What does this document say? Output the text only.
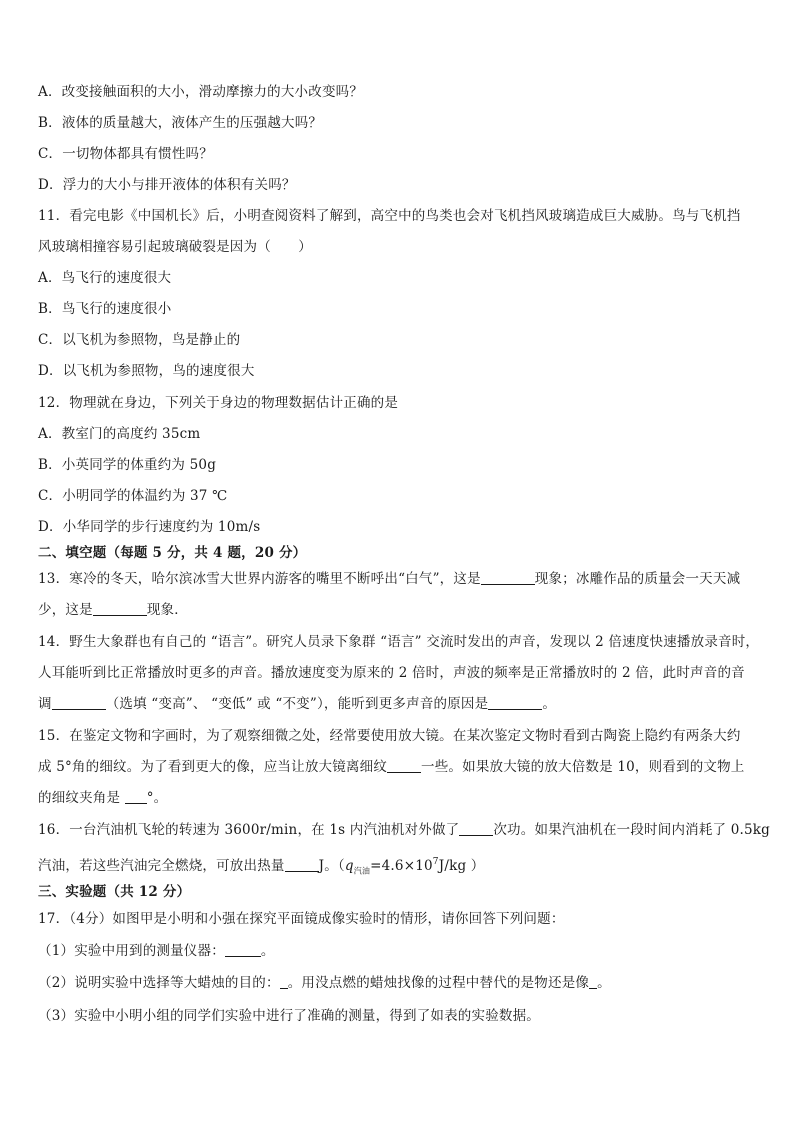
A．改变接触面积的大小，滑动摩擦力的大小改变吗？
B．液体的质量越大，液体产生的压强越大吗？
C．一切物体都具有惯性吗？
D．浮力的大小与排开液体的体积有关吗？
11．看完电影《中国机长》后，小明查阅资料了解到，高空中的鸟类也会对飞机挡风玻璃造成巨大威胁。鸟与飞机挡
风玻璃相撞容易引起玻璃破裂是因为（　　）
A．鸟飞行的速度很大
B．鸟飞行的速度很小
C．以飞机为参照物，鸟是静止的
D．以飞机为参照物，鸟的速度很大
12．物理就在身边，下列关于身边的物理数据估计正确的是
A．教室门的高度约 35cm
B．小英同学的体重约为 50g
C．小明同学的体温约为 37 ℃
D．小华同学的步行速度约为 10m/s
二、填空题（每题 5 分，共 4 题，20 分）
13．寒冷的冬天，哈尔滨冰雪大世界内游客的嘴里不断呼出“白气”，这是	现象；冰雕作品的质量会一天天减
少，这是	现象．
14．野生大象群也有自己的 “语言”。研究人员录下象群 “语言” 交流时发出的声音，发现以 2 倍速度快速播放录音时，
人耳能听到比正常播放时更多的声音。播放速度变为原来的 2 倍时，声波的频率是正常播放时的 2 倍，此时声音的音
调	（选填 “变高”、 “变低” 或 “不变”），能听到更多声音的原因是	。
15．在鉴定文物和字画时，为了观察细微之处，经常要使用放大镜。在某次鉴定文物时看到古陶瓷上隐约有两条大约
成 5°角的细纹。为了看到更大的像，应当让放大镜离细纹	一些。如果放大镜的放大倍数是 10，则看到的文物上
的细纹夹角是 °。
16．一台汽油机飞轮的转速为 3600r/min，在 1s 内汽油机对外做了	次功。如果汽油机在一段时间内消耗了 0.5kg
汽油，若这些汽油完全燃烧，可放出热量	J。（$q_{汽油}=4.6\times 10^7J/kg$ ）
三、实验题（共 12 分）
17．（4分）如图甲是小明和小强在探究平面镜成像实验时的情形，请你回答下列问题：
（1）实验中用到的测量仪器：	。
（2）说明实验中选择等大蜡烛的目的： 。用没点燃的蜡烛找像的过程中替代的是物还是像 。
（3）实验中小明小组的同学们实验中进行了准确的测量，得到了如表的实验数据。
